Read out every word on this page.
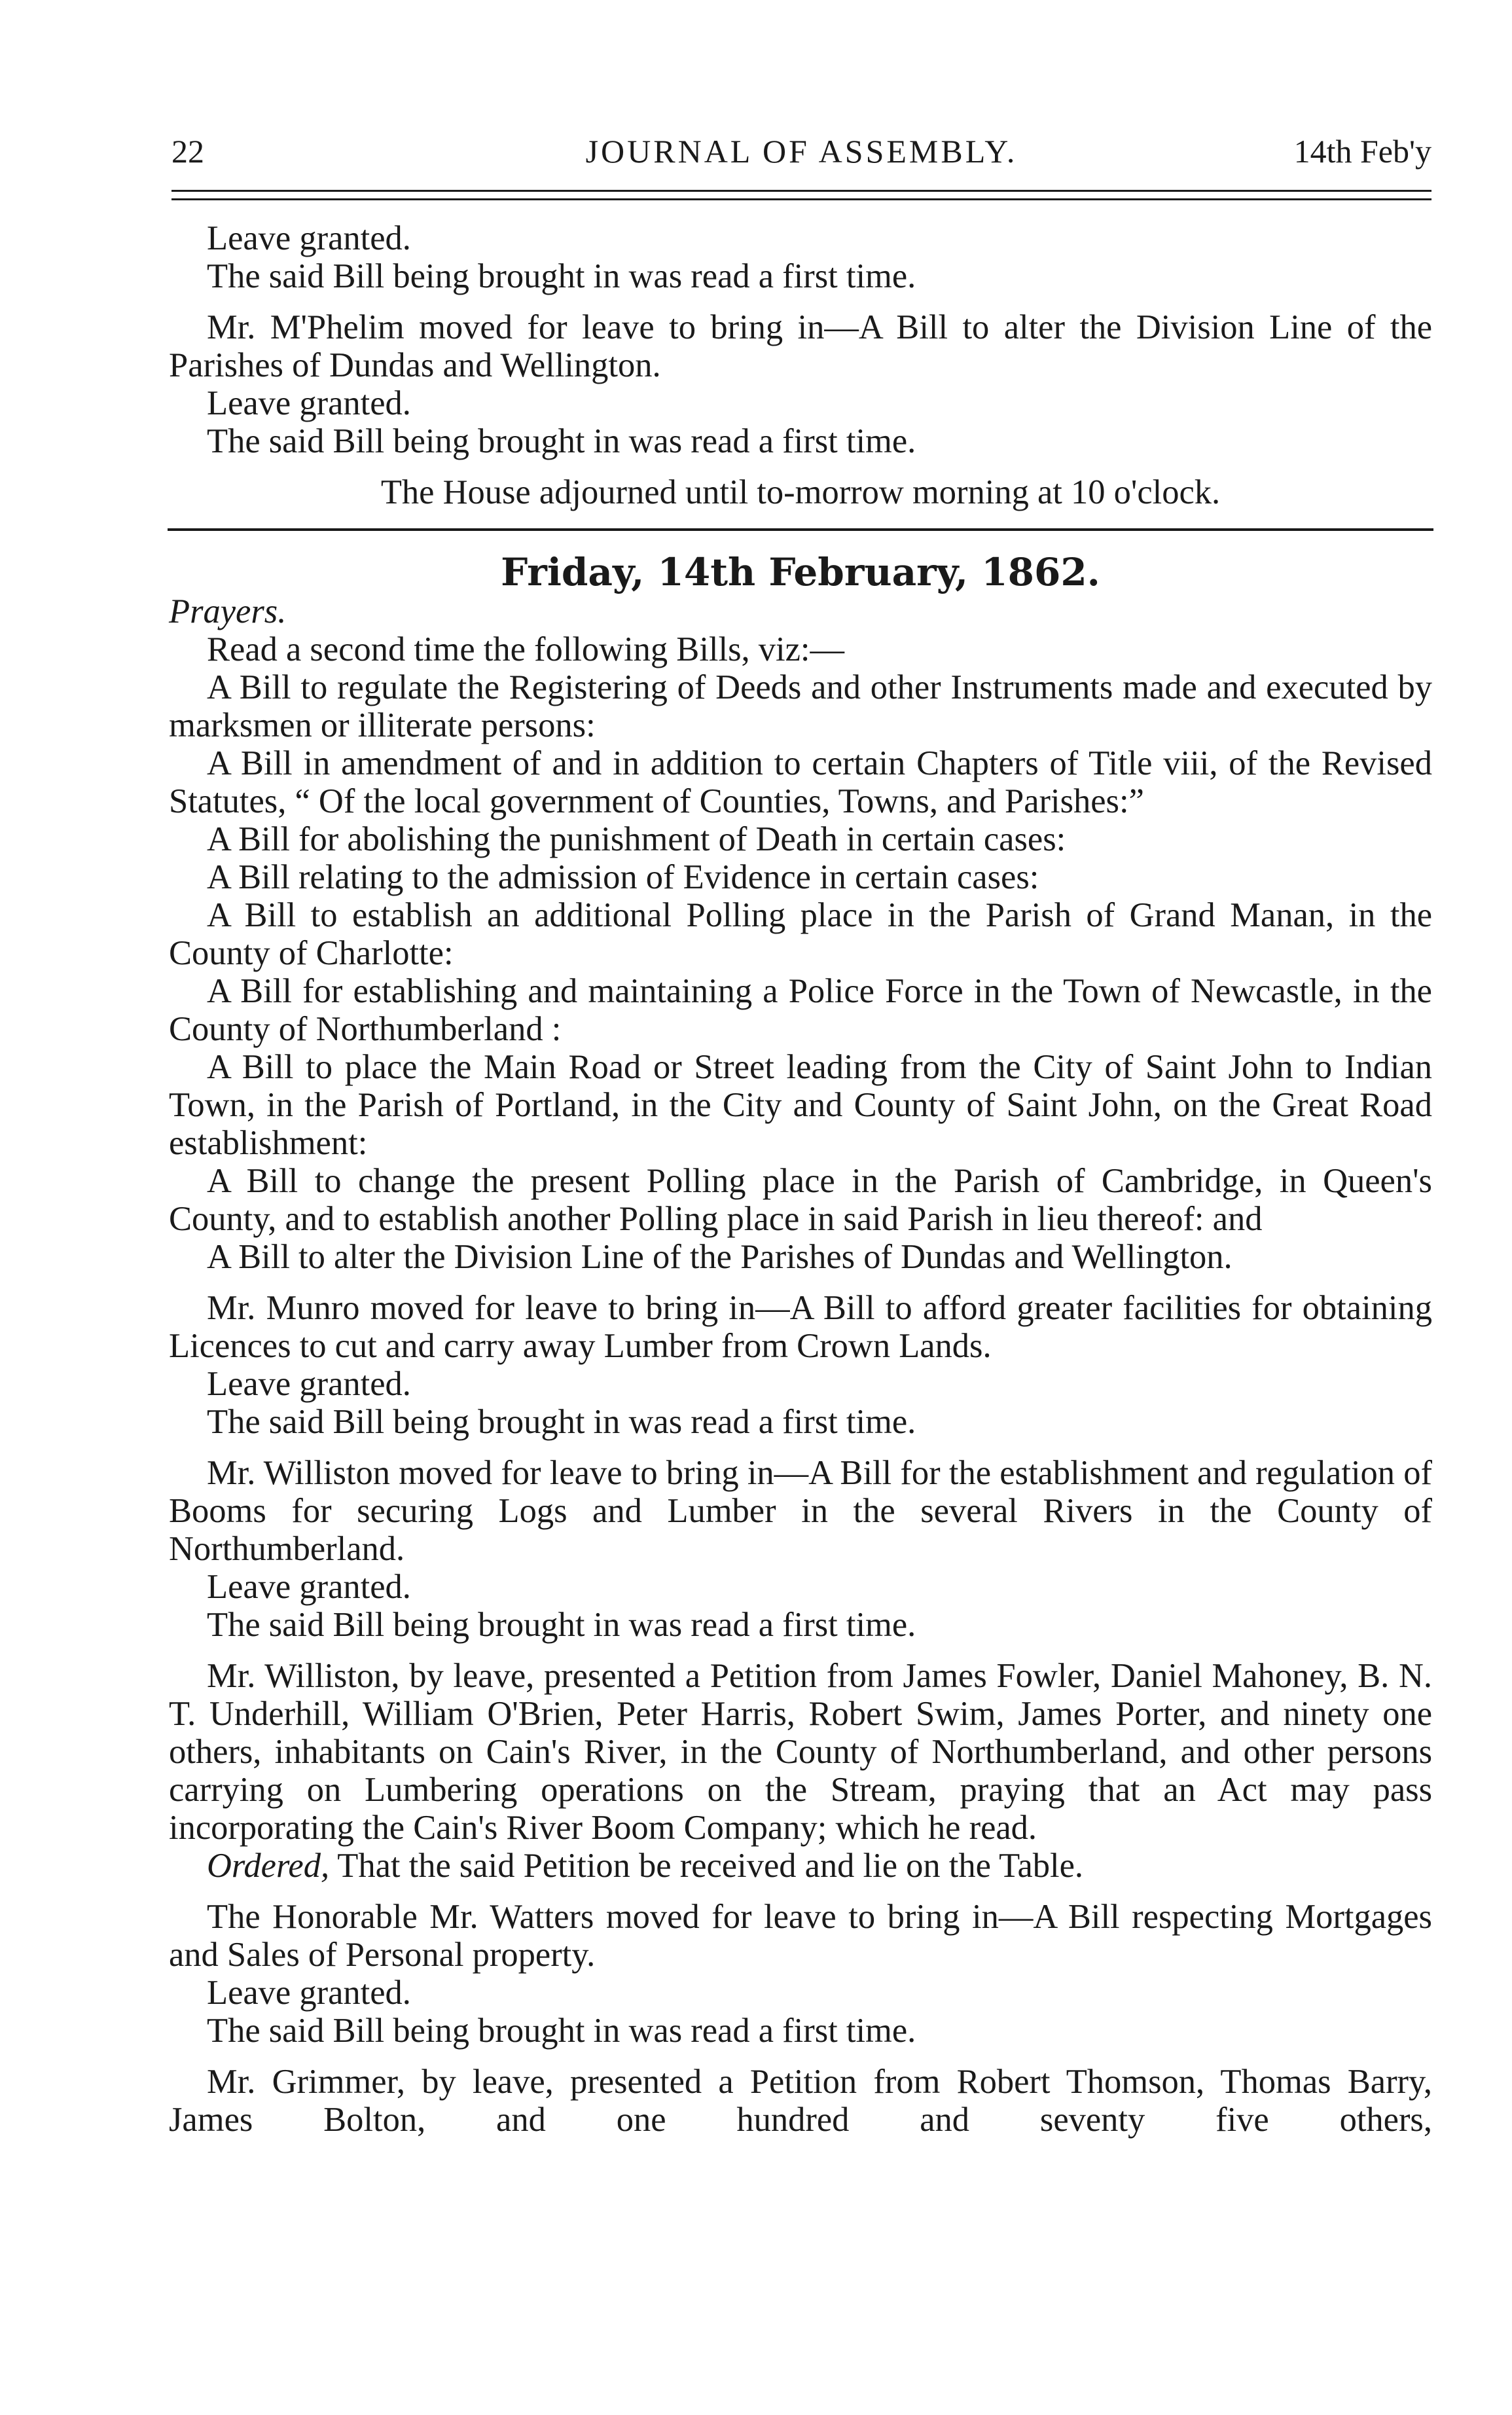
22	JOURNAL OF ASSEMBLY.	14th Feb'y

Leave granted.

The said Bill being brought in was read a first time.

Mr. M'Phelim moved for leave to bring in—A Bill to alter the Division Line of the Parishes of Dundas and Wellington.

Leave granted.

The said Bill being brought in was read a first time.

The House adjourned until to-morrow morning at 10 o'clock.

Friday, 14th February, 1862.

Prayers.

Read a second time the following Bills, viz:—

A Bill to regulate the Registering of Deeds and other Instruments made and executed by marksmen or illiterate persons:

A Bill in amendment of and in addition to certain Chapters of Title viii, of the Revised Statutes, “ Of the local government of Counties, Towns, and Parishes:”

A Bill for abolishing the punishment of Death in certain cases:

A Bill relating to the admission of Evidence in certain cases:

A Bill to establish an additional Polling place in the Parish of Grand Manan, in the County of Charlotte:

A Bill for establishing and maintaining a Police Force in the Town of Newcastle, in the County of Northumberland :

A Bill to place the Main Road or Street leading from the City of Saint John to Indian Town, in the Parish of Portland, in the City and County of Saint John, on the Great Road establishment:

A Bill to change the present Polling place in the Parish of Cambridge, in Queen's County, and to establish another Polling place in said Parish in lieu thereof: and

A Bill to alter the Division Line of the Parishes of Dundas and Wellington.

Mr. Munro moved for leave to bring in—A Bill to afford greater facilities for obtaining Licences to cut and carry away Lumber from Crown Lands.

Leave granted.

The said Bill being brought in was read a first time.

Mr. Williston moved for leave to bring in—A Bill for the establishment and regulation of Booms for securing Logs and Lumber in the several Rivers in the County of Northumberland.

Leave granted.

The said Bill being brought in was read a first time.

Mr. Williston, by leave, presented a Petition from James Fowler, Daniel Mahoney, B. N. T. Underhill, William O'Brien, Peter Harris, Robert Swim, James Porter, and ninety one others, inhabitants on Cain's River, in the County of Northumberland, and other persons carrying on Lumbering operations on the Stream, praying that an Act may pass incorporating the Cain's River Boom Company; which he read.

Ordered, That the said Petition be received and lie on the Table.

The Honorable Mr. Watters moved for leave to bring in—A Bill respecting Mortgages and Sales of Personal property.

Leave granted.

The said Bill being brought in was read a first time.

Mr. Grimmer, by leave, presented a Petition from Robert Thomson, Thomas Barry, James Bolton, and one hundred and seventy five others,
